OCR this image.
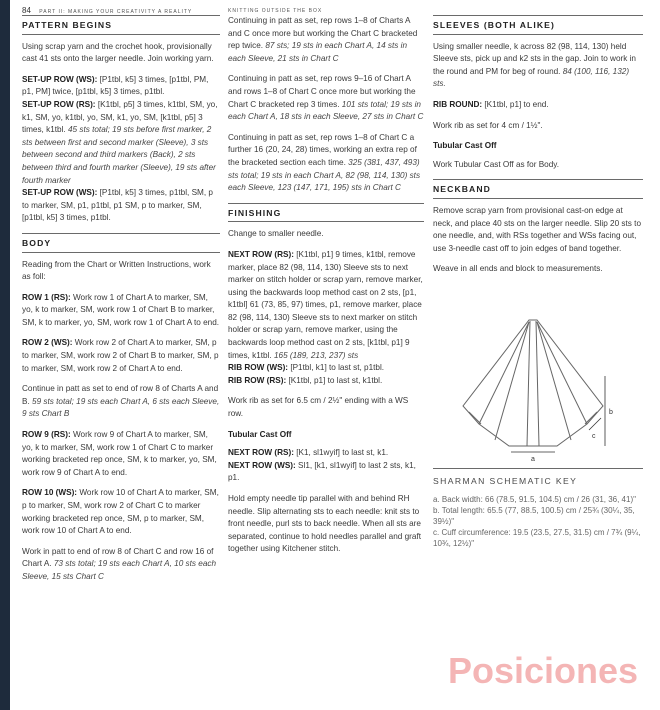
84 PART II: MAKING YOUR CREATIVITY A REALITY
PATTERN BEGINS

Using scrap yarn and the crochet hook, provisionally cast 41 sts onto the larger needle. Join working yarn.

SET-UP ROW (WS): [P1tbl, k5] 3 times, [p1tbl, PM, p1, PM] twice, [p1tbl, k5] 3 times, p1tbl.
SET-UP ROW (RS): [K1tbl, p5] 3 times, k1tbl, SM, yo, k1, SM, yo, k1tbl, yo, SM, k1, yo, SM, [k1tbl, p5] 3 times, k1tbl. 45 sts total; 19 sts before first marker, 2 sts between first and second marker (Sleeve), 3 sts between second and third markers (Back), 2 sts between third and fourth marker (Sleeve), 19 sts after fourth marker
SET-UP ROW (WS): [P1tbl, k5] 3 times, p1tbl, SM, p to marker, SM, p1, p1tbl, p1 SM, p to marker, SM, [p1tbl, k5] 3 times, p1tbl.

BODY

Reading from the Chart or Written Instructions, work as foll:

ROW 1 (RS): Work row 1 of Chart A to marker, SM, yo, k to marker, SM, work row 1 of Chart B to marker, SM, k to marker, yo, SM, work row 1 of Chart A to end.

ROW 2 (WS): Work row 2 of Chart A to marker, SM, p to marker, SM, work row 2 of Chart B to marker, SM, p to marker, SM, work row 2 of Chart A to end.

Continue in patt as set to end of row 8 of Charts A and B. 59 sts total; 19 sts each Chart A, 6 sts each Sleeve, 9 sts Chart B

ROW 9 (RS): Work row 9 of Chart A to marker, SM, yo, k to marker, SM, work row 1 of Chart C to marker working bracketed rep once, SM, k to marker, yo, SM, work row 9 of Chart A to end.

ROW 10 (WS): Work row 10 of Chart A to marker, SM, p to marker, SM, work row 2 of Chart C to marker working bracketed rep once, SM, p to marker, SM, work row 10 of Chart A to end.

Work in patt to end of row 8 of Chart C and row 16 of Chart A. 73 sts total; 19 sts each Chart A, 10 sts each Sleeve, 15 sts Chart C

KNITTING OUTSIDE THE BOX

Continuing in patt as set, rep rows 1–8 of Charts A and C once more but working the Chart C bracketed rep twice. 87 sts; 19 sts in each Chart A, 14 sts in each Sleeve, 21 sts in Chart C

Continuing in patt as set, rep rows 9–16 of Chart A and rows 1–8 of Chart C once more but working the Chart C bracketed rep 3 times. 101 sts total; 19 sts in each Chart A, 18 sts in each Sleeve, 27 sts in Chart C

Continuing in patt as set, rep rows 1–8 of Chart C a further 16 (20, 24, 28) times, working an extra rep of the bracketed section each time. 325 (381, 437, 493) sts total; 19 sts in each Chart A, 82 (98, 114, 130) sts each Sleeve, 123 (147, 171, 195) sts in Chart C

FINISHING

Change to smaller needle.

NEXT ROW (RS): [K1tbl, p1] 9 times, k1tbl, remove marker, place 82 (98, 114, 130) Sleeve sts to next marker on stitch holder or scrap yarn, remove marker, using the backwards loop method cast on 2 sts, [p1, k1tbl] 61 (73, 85, 97) times, p1, remove marker, place 82 (98, 114, 130) Sleeve sts to next marker on stitch holder or scrap yarn, remove marker, using the backwards loop method cast on 2 sts, [k1tbl, p1] 9 times, k1tbl. 165 (189, 213, 237) sts
RIB ROW (WS): [P1tbl, k1] to last st, p1tbl.
RIB ROW (RS): [K1tbl, p1] to last st, k1tbl.

Work rib as set for 6.5 cm / 2½" ending with a WS row.

Tubular Cast Off

NEXT ROW (RS): [K1, sl1wyif] to last st, k1.
NEXT ROW (WS): Sl1, [k1, sl1wyif] to last 2 sts, k1, p1.

Hold empty needle tip parallel with and behind RH needle. Slip alternating sts to each needle: knit sts to front needle, purl sts to back needle. When all sts are separated, continue to hold needles parallel and graft together using Kitchener stitch.

SLEEVES (BOTH ALIKE)

Using smaller needle, k across 82 (98, 114, 130) held Sleeve sts, pick up and k2 sts in the gap. Join to work in the round and PM for beg of round. 84 (100, 116, 132) sts.

RIB ROUND: [K1tbl, p1] to end.

Work rib as set for 4 cm / 1½".

Tubular Cast Off

Work Tubular Cast Off as for Body.

NECKBAND

Remove scrap yarn from provisional cast-on edge at neck, and place 40 sts on the larger needle. Slip 20 sts to one needle, and, with RSs together and WSs facing out, use 3-needle cast off to join edges of band together.

Weave in all ends and block to measurements.

a
b
c
SHARMAN SCHEMATIC KEY
a. Back width: 66 (78.5, 91.5, 104.5) cm / 26 (31, 36, 41)"
b. Total length: 65.5 (77, 88.5, 100.5) cm / 25¾ (30¼, 35, 39½)"
c. Cuff circumference: 19.5 (23.5, 27.5, 31.5) cm / 7¾ (9¼, 10¾, 12½)"
Posiciones
